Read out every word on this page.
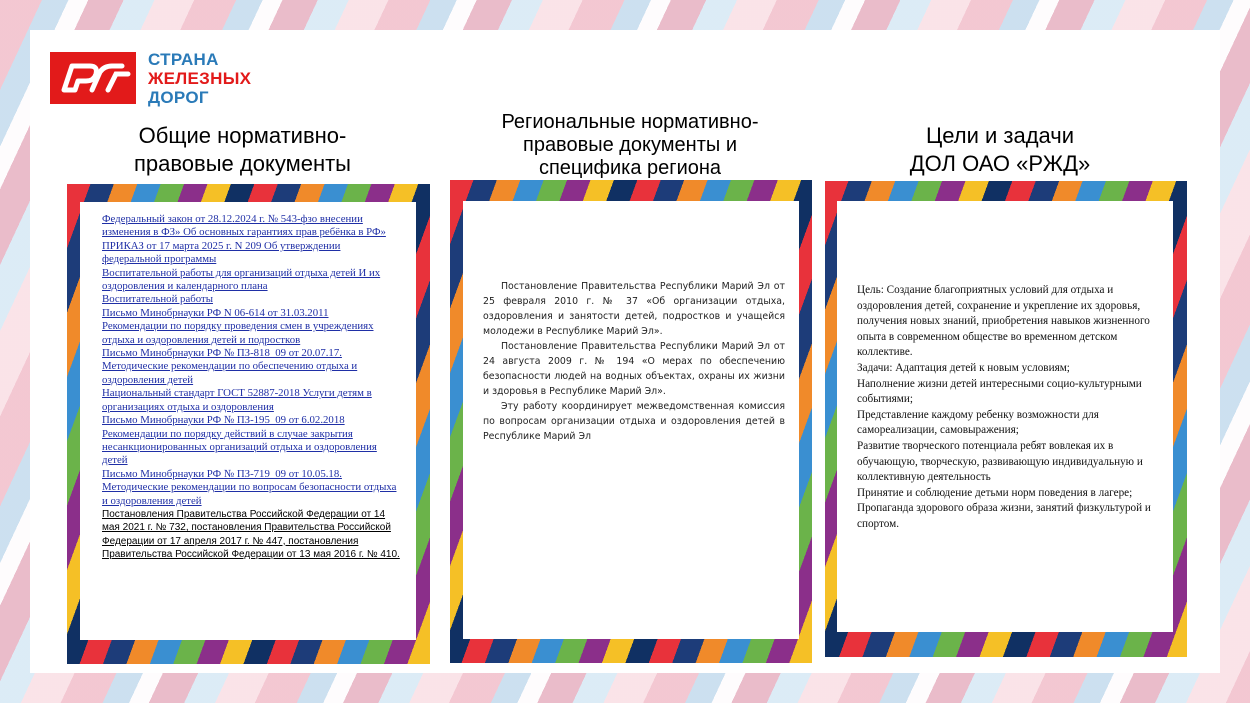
СТРАНА
ЖЕЛЕЗНЫХ
ДОРОГ
Общие нормативно-
правовые документы
Региональные нормативно-
правовые документы и
специфика региона
Цели и задачи
ДОЛ ОАО «РЖД»
Федеральный закон от 28.12.2024 г. № 543-фзо внесении изменения в ФЗ» Об основных гарантиях прав ребёнка в РФ»
ПРИКАЗ от 17 марта 2025 г. N 209 Об утверждении федеральной программы
Воспитательной работы для организаций отдыха детей И их оздоровления и календарного плана
Воспитательной работы
Письмо Минобрнауки РФ N 06-614 от 31.03.2011
Рекомендации по порядку проведения смен в учреждениях отдыха и оздоровления детей и подростков
Письмо Минобрнауки РФ № ПЗ-818_09 от 20.07.17.
Методические рекомендации по обеспечению отдыха и оздоровления детей
Национальный стандарт ГОСТ 52887-2018 Услуги детям в организациях отдыха и оздоровления
Письмо Минобрнауки РФ № ПЗ-195_09 от 6.02.2018
Рекомендации по порядку действий в случае закрытия несанкционированных организаций отдыха и оздоровления детей
Письмо Минобрнауки РФ № ПЗ-719_09 от 10.05.18.
Методические рекомендации по вопросам безопасности отдыха и оздоровления детей
Постановления Правительства Российской Федерации от 14 мая 2021 г. № 732, постановления Правительства Российской Федерации от 17 апреля 2017 г. № 447, постановления Правительства Российской Федерации от 13 мая 2016 г. № 410.

Постановление Правительства Республики Марий Эл от 25 февраля 2010 г. № 37 «Об организации отдыха, оздоровления и занятости детей, подростков и учащейся молодежи в Республике Марий Эл».

Постановление Правительства Республики Марий Эл от 24 августа 2009 г. № 194 «О мерах по обеспечению безопасности людей на водных объектах, охраны их жизни и здоровья в Республике Марий Эл».

Эту работу координирует межведомственная комиссия по вопросам организации отдыха и оздоровления детей в Республике Марий Эл

Цель: Создание благоприятных условий для отдыха и оздоровления детей, сохранение и укрепление их здоровья, получения новых знаний, приобретения навыков жизненного опыта в современном обществе во временном детском коллективе.

Задачи: Адаптация детей к новым условиям;

Наполнение жизни детей интересными социо-культурными событиями;

Представление каждому ребенку возможности для самореализации, самовыражения;

Развитие творческого потенциала ребят вовлекая их в обучающую, творческую, развивающую индивидуальную и коллективную деятельность

Принятие и соблюдение детьми норм поведения в лагере;

Пропаганда здорового образа жизни, занятий физкультурой и спортом.
